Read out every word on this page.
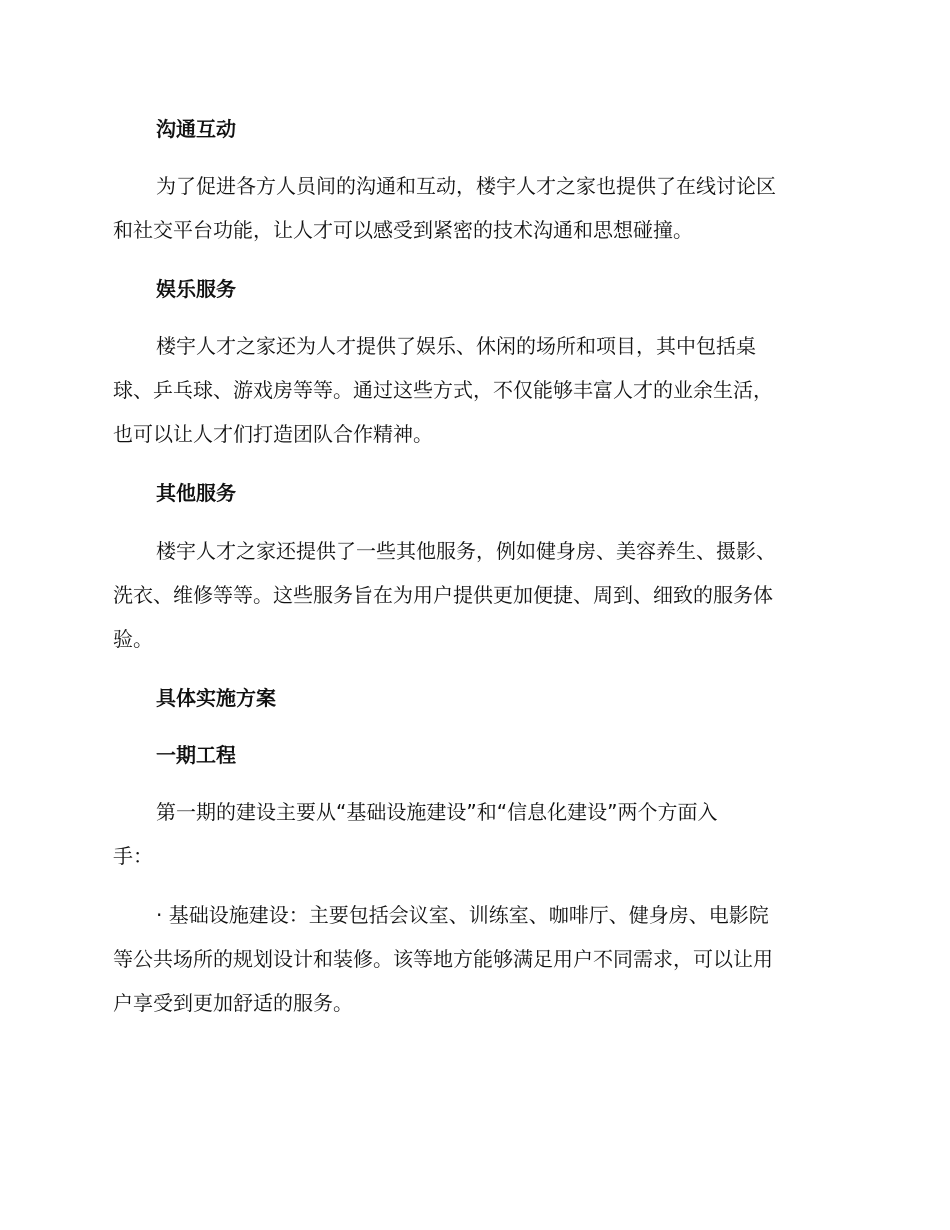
沟通互动
为了促进各方人员间的沟通和互动，楼宇人才之家也提供了在线讨论区
和社交平台功能，让人才可以感受到紧密的技术沟通和思想碰撞。
娱乐服务
楼宇人才之家还为人才提供了娱乐、休闲的场所和项目，其中包括桌
球、乒乓球、游戏房等等。通过这些方式，不仅能够丰富人才的业余生活，
也可以让人才们打造团队合作精神。
其他服务
楼宇人才之家还提供了一些其他服务，例如健身房、美容养生、摄影、
洗衣、维修等等。这些服务旨在为用户提供更加便捷、周到、细致的服务体
验。
具体实施方案
一期工程
第一期的建设主要从“基础设施建设”和“信息化建设”两个方面入
手：
· 基础设施建设：主要包括会议室、训练室、咖啡厅、健身房、电影院
等公共场所的规划设计和装修。该等地方能够满足用户不同需求，可以让用
户享受到更加舒适的服务。
